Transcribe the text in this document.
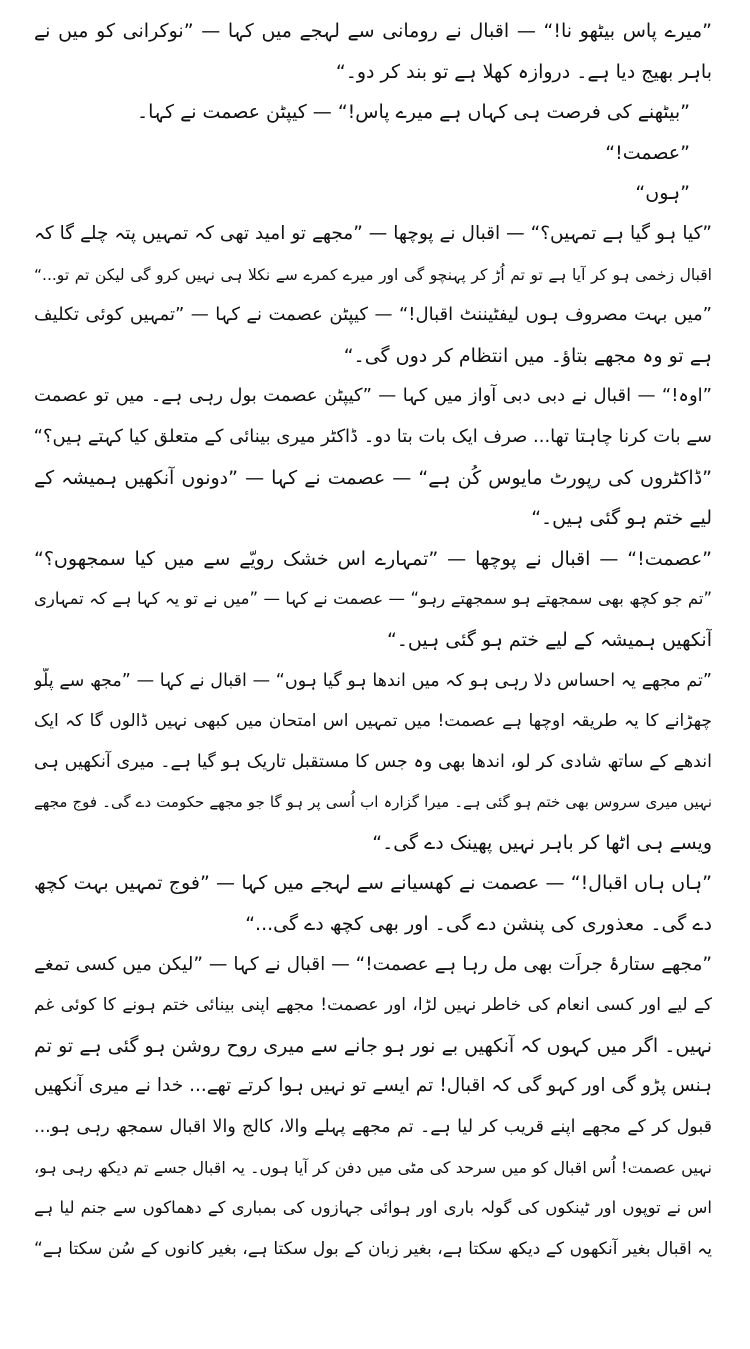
”میرے پاس بیٹھو نا!“ — اقبال نے رومانی سے لہجے میں کہا — ”نوکرانی کو میں نے
باہر بھیج دیا ہے۔ دروازہ کھلا ہے تو بند کر دو۔“
”بیٹھنے کی فرصت ہی کہاں ہے میرے پاس!“ — کیپٹن عصمت نے کہا۔
”عصمت!“
”ہوں“
”کیا ہو گیا ہے تمہیں؟“ — اقبال نے پوچھا — ”مجھے تو امید تھی کہ تمہیں پتہ چلے گا کہ
اقبال زخمی ہو کر آیا ہے تو تم اُڑ کر پہنچو گی اور میرے کمرے سے نکلا ہی نہیں کرو گی لیکن تم تو...“
”میں بہت مصروف ہوں لیفٹیننٹ اقبال!“ — کیپٹن عصمت نے کہا — ”تمہیں کوئی تکلیف
ہے تو وہ مجھے بتاؤ۔ میں انتظام کر دوں گی۔“
”اوہ!“ — اقبال نے دبی دبی آواز میں کہا — ”کیپٹن عصمت بول رہی ہے۔ میں تو عصمت
سے بات کرنا چاہتا تھا... صرف ایک بات بتا دو۔ ڈاکٹر میری بینائی کے متعلق کیا کہتے ہیں؟“
”ڈاکٹروں کی رپورٹ مایوس کُن ہے“ — عصمت نے کہا — ”دونوں آنکھیں ہمیشہ کے
لیے ختم ہو گئی ہیں۔“
”عصمت!“ — اقبال نے پوچھا — ”تمہارے اس خشک رویّے سے میں کیا سمجھوں؟“
”تم جو کچھ بھی سمجھتے ہو سمجھتے رہو“ — عصمت نے کہا — ”میں نے تو یہ کہا ہے کہ تمہاری
آنکھیں ہمیشہ کے لیے ختم ہو گئی ہیں۔“
”تم مجھے یہ احساس دلا رہی ہو کہ میں اندھا ہو گیا ہوں“ — اقبال نے کہا — ”مجھ سے پلّو
چھڑانے کا یہ طریقہ اوچھا ہے عصمت! میں تمہیں اس امتحان میں کبھی نہیں ڈالوں گا کہ ایک
اندھے کے ساتھ شادی کر لو، اندھا بھی وہ جس کا مستقبل تاریک ہو گیا ہے۔ میری آنکھیں ہی
نہیں میری سروس بھی ختم ہو گئی ہے۔ میرا گزارہ اب اُسی پر ہو گا جو مجھے حکومت دے گی۔ فوج مجھے
ویسے ہی اٹھا کر باہر نہیں پھینک دے گی۔“
”ہاں ہاں اقبال!“ — عصمت نے کھسیانے سے لہجے میں کہا — ”فوج تمہیں بہت کچھ
دے گی۔ معذوری کی پنشن دے گی۔ اور بھی کچھ دے گی...“
”مجھے ستارۂ جراَت بھی مل رہا ہے عصمت!“ — اقبال نے کہا — ”لیکن میں کسی تمغے
کے لیے اور کسی انعام کی خاطر نہیں لڑا، اور عصمت! مجھے اپنی بینائی ختم ہونے کا کوئی غم
نہیں۔ اگر میں کہوں کہ آنکھیں بے نور ہو جانے سے میری روح روشن ہو گئی ہے تو تم
ہنس پڑو گی اور کہو گی کہ اقبال! تم ایسے تو نہیں ہوا کرتے تھے... خدا نے میری آنکھیں
قبول کر کے مجھے اپنے قریب کر لیا ہے۔ تم مجھے پہلے والا، کالج والا اقبال سمجھ رہی ہو...
نہیں عصمت! اُس اقبال کو میں سرحد کی مٹی میں دفن کر آیا ہوں۔ یہ اقبال جسے تم دیکھ رہی ہو،
اس نے توپوں اور ٹینکوں کی گولہ باری اور ہوائی جہازوں کی بمباری کے دھماکوں سے جنم لیا ہے
یہ اقبال بغیر آنکھوں کے دیکھ سکتا ہے، بغیر زبان کے بول سکتا ہے، بغیر کانوں کے سُن سکتا ہے“
